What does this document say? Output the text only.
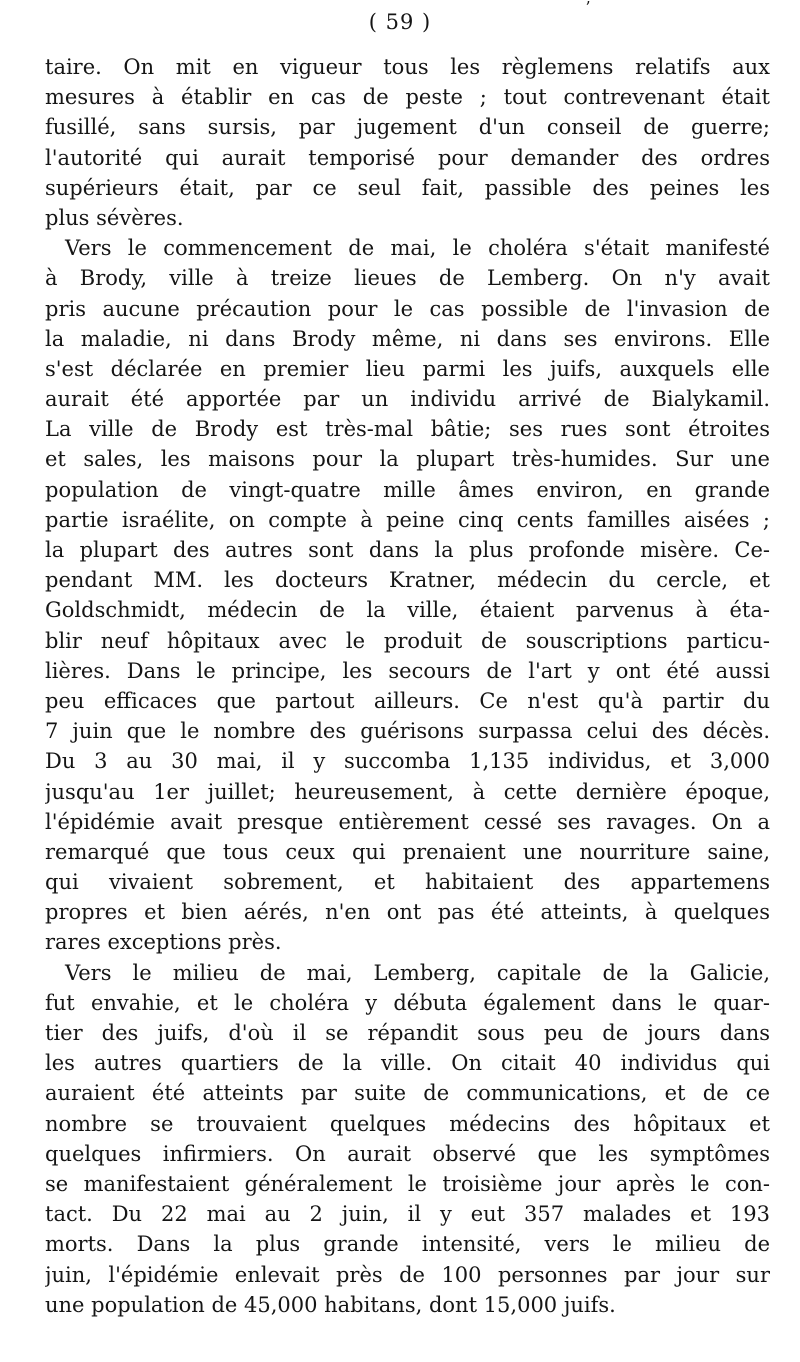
ʼ
( 59 )
taire. On mit en vigueur tous les règlemens relatifs aux
mesures à établir en cas de peste ; tout contrevenant était
fusillé, sans sursis, par jugement d'un conseil de guerre;
l'autorité qui aurait temporisé pour demander des ordres
supérieurs était, par ce seul fait, passible des peines les
plus sévères.
Vers le commencement de mai, le choléra s'était manifesté
à Brody, ville à treize lieues de Lemberg. On n'y avait
pris aucune précaution pour le cas possible de l'invasion de
la maladie, ni dans Brody même, ni dans ses environs. Elle
s'est déclarée en premier lieu parmi les juifs, auxquels elle
aurait été apportée par un individu arrivé de Bialykamil.
La ville de Brody est très-mal bâtie; ses rues sont étroites
et sales, les maisons pour la plupart très-humides. Sur une
population de vingt-quatre mille âmes environ, en grande
partie israélite, on compte à peine cinq cents familles aisées ;
la plupart des autres sont dans la plus profonde misère. Ce-
pendant MM. les docteurs Kratner, médecin du cercle, et
Goldschmidt, médecin de la ville, étaient parvenus à éta-
blir neuf hôpitaux avec le produit de souscriptions particu-
lières. Dans le principe, les secours de l'art y ont été aussi
peu efficaces que partout ailleurs. Ce n'est qu'à partir du
7 juin que le nombre des guérisons surpassa celui des décès.
Du 3 au 30 mai, il y succomba 1,135 individus, et 3,000
jusqu'au 1er juillet; heureusement, à cette dernière époque,
l'épidémie avait presque entièrement cessé ses ravages. On a
remarqué que tous ceux qui prenaient une nourriture saine,
qui vivaient sobrement, et habitaient des appartemens
propres et bien aérés, n'en ont pas été atteints, à quelques
rares exceptions près.
Vers le milieu de mai, Lemberg, capitale de la Galicie,
fut envahie, et le choléra y débuta également dans le quar-
tier des juifs, d'où il se répandit sous peu de jours dans
les autres quartiers de la ville. On citait 40 individus qui
auraient été atteints par suite de communications, et de ce
nombre se trouvaient quelques médecins des hôpitaux et
quelques infirmiers. On aurait observé que les symptômes
se manifestaient généralement le troisième jour après le con-
tact. Du 22 mai au 2 juin, il y eut 357 malades et 193
morts. Dans la plus grande intensité, vers le milieu de
juin, l'épidémie enlevait près de 100 personnes par jour sur
une population de 45,000 habitans, dont 15,000 juifs.
